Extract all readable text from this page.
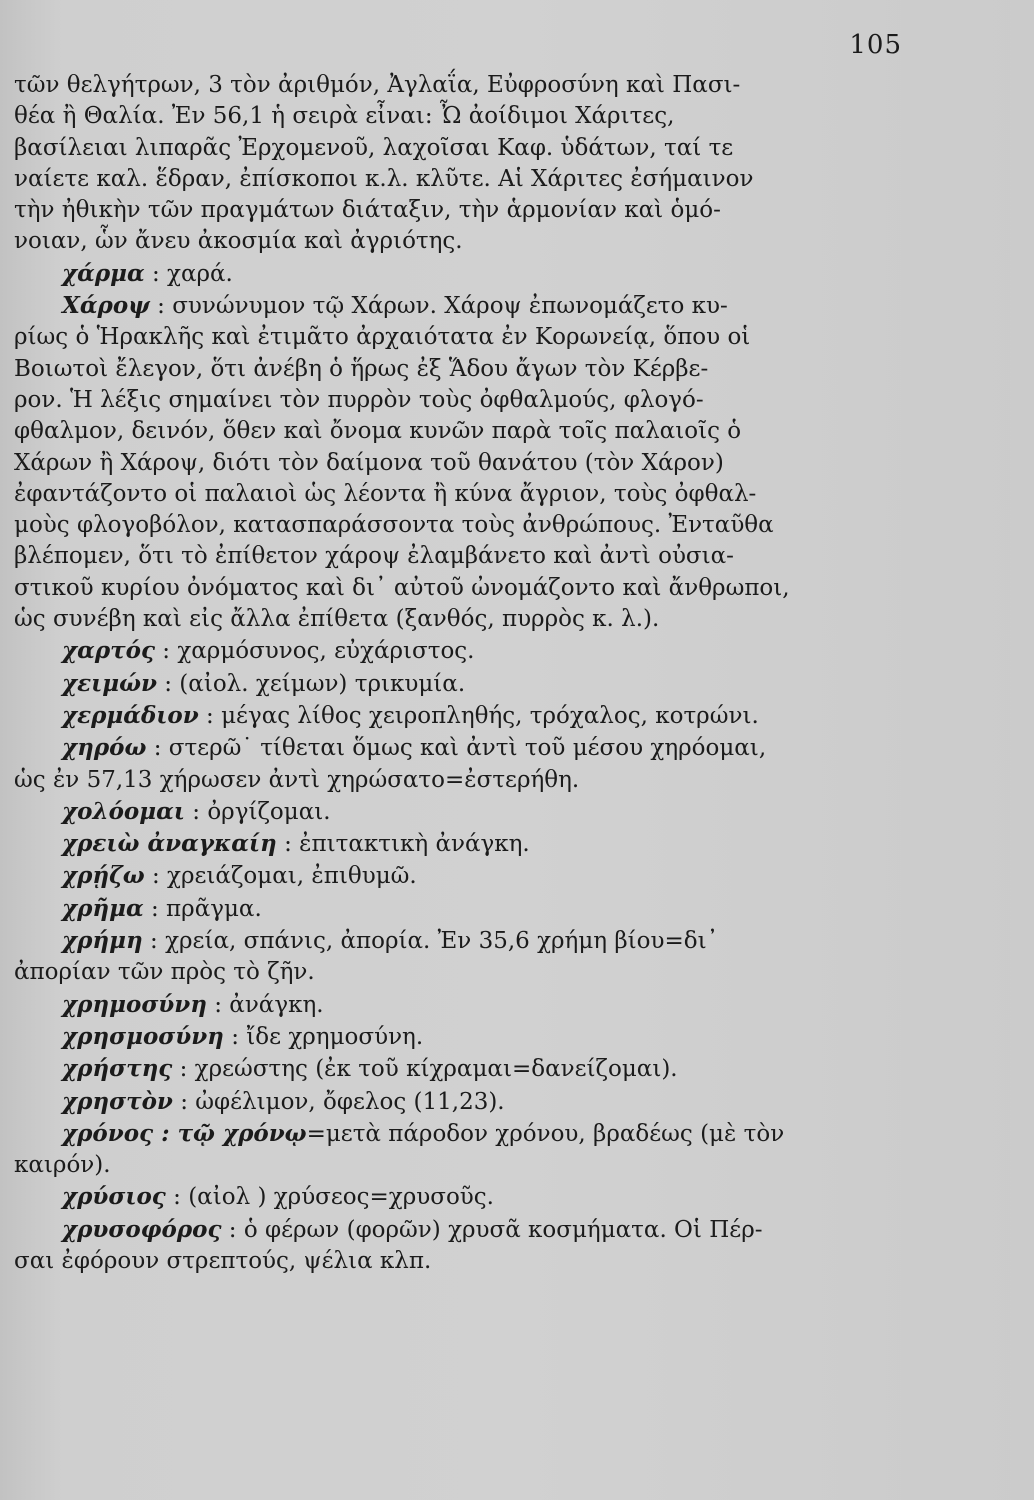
105
τῶν θελγήτρων, 3 τὸν ἀριθμόν, Ἀγλαΐα, Εὐφροσύνη καὶ Πασι-
θέα ἢ Θαλία. Ἐν 56,1 ἡ σειρὰ εἶναι: Ὦ ἀοίδιμοι Χάριτες,
βασίλειαι λιπαρᾶς Ἐρχομενοῦ, λαχοῖσαι Καφ. ὑδάτων, ταί τε
ναίετε καλ. ἕδραν, ἐπίσκοποι κ.λ. κλῦτε. Αἱ Χάριτες ἐσήμαινον
τὴν ἠθικὴν τῶν πραγμάτων διάταξιν, τὴν ἁρμονίαν καὶ ὁμό-
νοιαν, ὧν ἄνευ ἀκοσμία καὶ ἀγριότης.
χάρμα : χαρά.
Χάροψ : συνώνυμον τῷ Χάρων. Χάροψ ἐπωνομάζετο κυ-
ρίως ὁ Ἡρακλῆς καὶ ἐτιμᾶτο ἀρχαιότατα ἐν Κορωνείᾳ, ὅπου οἱ
Βοιωτοὶ ἔλεγον, ὅτι ἀνέβη ὁ ἥρως ἐξ Ἅδου ἄγων τὸν Κέρβε-
ρον. Ἡ λέξις σημαίνει τὸν πυρρὸν τοὺς ὀφθαλμούς, φλογό-
φθαλμον, δεινόν, ὅθεν καὶ ὄνομα κυνῶν παρὰ τοῖς παλαιοῖς ὁ
Χάρων ἢ Χάροψ, διότι τὸν δαίμονα τοῦ θανάτου (τὸν Χάρον)
ἐφαντάζοντο οἱ παλαιοὶ ὡς λέοντα ἢ κύνα ἄγριον, τοὺς ὀφθαλ-
μοὺς φλογοβόλον, κατασπαράσσοντα τοὺς ἀνθρώπους. Ἐνταῦθα
βλέπομεν, ὅτι τὸ ἐπίθετον χάροψ ἐλαμβάνετο καὶ ἀντὶ οὐσια-
στικοῦ κυρίου ὀνόματος καὶ δι᾽ αὐτοῦ ὠνομάζοντο καὶ ἄνθρωποι,
ὡς συνέβη καὶ εἰς ἄλλα ἐπίθετα (ξανθός, πυρρὸς κ. λ.).
χαρτός : χαρμόσυνος, εὐχάριστος.
χειμών : (αἰολ. χείμων) τρικυμία.
χερμάδιον : μέγας λίθος χειροπληθής, τρόχαλος, κοτρώνι.
χηρόω : στερῶ˙ τίθεται ὅμως καὶ ἀντὶ τοῦ μέσου χηρόομαι,
ὡς ἐν 57,13 χήρωσεν ἀντὶ χηρώσατο=ἐστερήθη.
χολόομαι : ὀργίζομαι.
χρειὼ ἀναγκαίη : ἐπιτακτικὴ ἀνάγκη.
χρῄζω : χρειάζομαι, ἐπιθυμῶ.
χρῆμα : πρᾶγμα.
χρήμη : χρεία, σπάνις, ἀπορία. Ἐν 35,6 χρήμη βίου=δι᾽
ἀπορίαν τῶν πρὸς τὸ ζῆν.
χρημοσύνη : ἀνάγκη.
χρησμοσύνη : ἴδε χρημοσύνη.
χρήστης : χρεώστης (ἐκ τοῦ κίχραμαι=δανείζομαι).
χρηστὸν : ὠφέλιμον, ὄφελος (11,23).
χρόνος : τῷ χρόνῳ=μετὰ πάροδον χρόνου, βραδέως (μὲ τὸν
καιρόν).
χρύσιος : (αἰολ ) χρύσεος=χρυσοῦς.
χρυσοφόρος : ὁ φέρων (φορῶν) χρυσᾶ κοσμήματα. Οἱ Πέρ-
σαι ἐφόρουν στρεπτούς, ψέλια κλπ.
